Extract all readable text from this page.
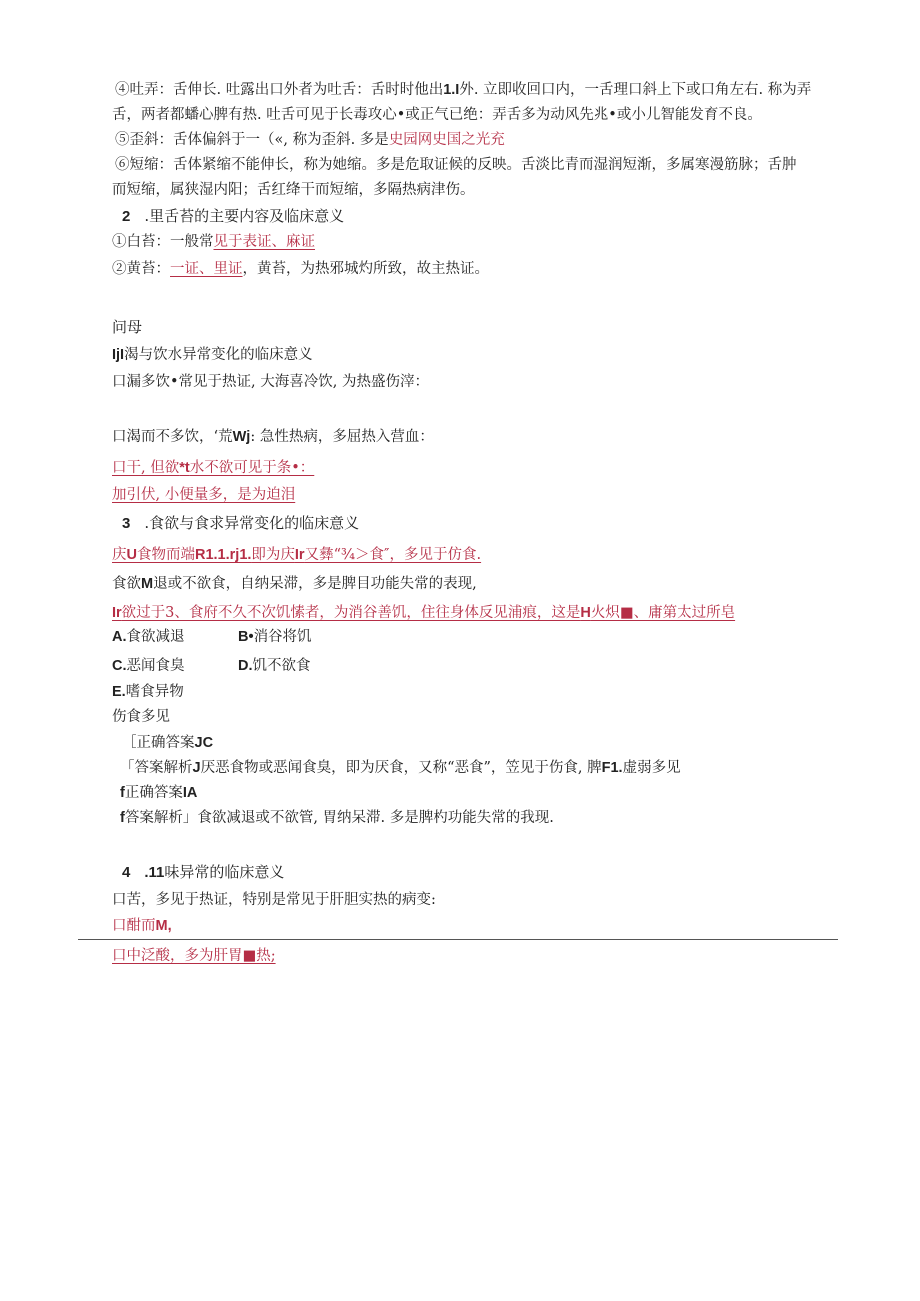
④吐弄：舌伸长. 吐露出口外者为吐舌：舌时时他出1.I外. 立即收回口内，一舌理口斜上下或口角左右. 称为弄
舌，两者都蟠心脾有热. 吐舌可见于长毒攻心•或正气已绝：弄舌多为动风先兆•或小儿智能发育不良。
⑤歪斜：舌体偏斜于一（«, 称为歪斜. 多是史园网史国之光充
⑥短缩：舌体紧缩不能伸长，称为她缩。多是危取证候的反映。舌淡比青而湿润短渐，多属寒漫筋脉；舌肿
而短缩，属狭湿内阳；舌红绛干而短缩，多隔热病津伤。
2 .里舌苔的主要内容及临床意义
①白苔：一般常见于表证、麻证
②黄苔：一证、里证，黄苔，为热邪城灼所致，故主热证。
问母
IjI渴与饮水异常变化的临床意义
口漏多饮•常见于热证, 大海喜冷饮, 为热盛伤滓：
口渴而不多饮，‘荒Wj: 急性热病，多屈热入营血：
口干, 但欲*t水不欲可见于条•：
加引伏, 小便量多，是为迫泪
3 .食欲与食求异常变化的临床意义
庆U食物而端R1.1.rj1.即为庆Ir又彝“¾＞食″，多见于仿食.
食欲M退或不欲食，自纳呆滞，多是脾目功能失常的表现,
Ir欲过于3、食府不久不次饥愫者，为消谷善饥，住往身体反见浦痕，这是H火炽■、庸第太过所皂
A.食欲减退	B•消谷将饥
C.恶闻食臭	D.饥不欲食
E.嗜食异物
伤食多见
［正确答案JC
「答案解析J厌恶食物或恶闻食臭，即为厌食，又称“恶食”，笠见于伤食, 脾F1.虚弱多见
f正确答案IA
f答案解析」食欲减退或不欲管, 胃纳呆滞. 多是脾杓功能失常的我现.
4 .11味异常的临床意义
口苦，多见于热证，特别是常见于肝胆实热的病变:
口酣而M,
口中泛酸，多为肝胃■热;
